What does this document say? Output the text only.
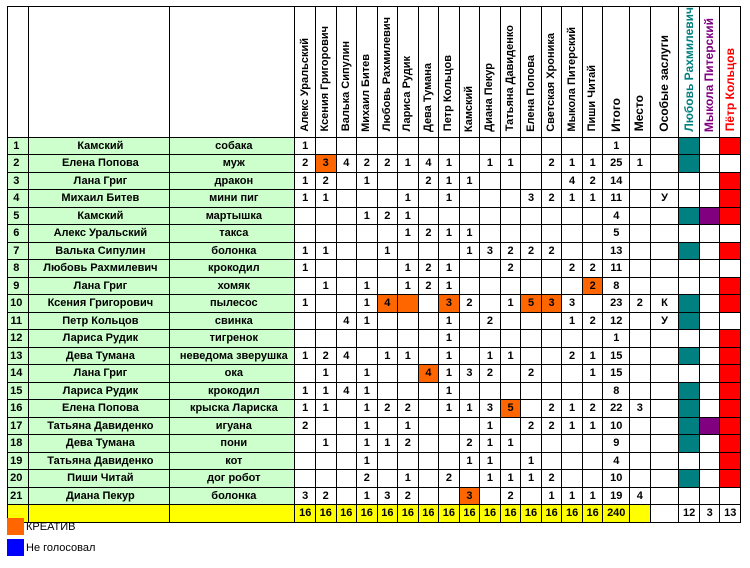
			Алекс Уральский	Ксения Григорович	Валька Сипулин	Михаил Битев	Любовь Рахмилевич	Лариса Рудик	Дева Тумана	Петр Кольцов	Камский	Диана Пекур	Татьяна Давиденко	Елена Попова	Светская Хроника	Мыкола Питерский	Пиши Читай	Итого	Место	Особые заслуги	Любовь Рахмилевич	Мыкола Питерский	Пётр Кольцов
1	Камский	собака	1															1					
2	Елена Попова	муж	2	3	4	2	2	1	4	1		1	1		2	1	1	25	1				
3	Лана Григ	дракон	1	2		1			2	1	1					4	2	14					
4	Михаил Битев	мини пиг	1	1				1		1				3	2	1	1	11		У			
5	Камский	мартышка				1	2	1										4					
6	Алекс Уральский	такса						1	2	1	1							5					
7	Валька Сипулин	болонка	1	1			1				1	3	2	2	2			13					
8	Любовь Рахмилевич	крокодил	1					1	2	1			2			2	2	11					
9	Лана Григ	хомяк		1		1		1	2	1							2	8					
10	Ксения Григорович	пылесос	1			1	4			3	2		1	5	3	3		23	2	К			
11	Петр Кольцов	свинка			4	1				1		2				1	2	12		У			
12	Лариса Рудик	тигренок								1								1					
13	Дева Тумана	неведома зверушка	1	2	4		1	1		1		1	1			2	1	15					
14	Лана Григ	ока		1		1			4	1	3	2		2			1	15					
15	Лариса Рудик	крокодил	1	1	4	1				1								8					
16	Елена Попова	крыска Лариска	1	1		1	2	2		1	1	3	5		2	1	2	22	3				
17	Татьяна Давиденко	игуана	2			1		1				1		2	2	1	1	10					
18	Дева Тумана	пони		1		1	1	2			2	1	1					9					
19	Татьяна Давиденко	кот				1					1	1		1				4					
20	Пиши Читай	дог робот				2		1		2		1	1	1	2			10					
21	Диана Пекур	болонка	3	2		1	3	2			3		2		1	1	1	19	4				
			16	16	16	16	16	16	16	16	16	16	16	16	16	16	16	240			12	3	13
КРЕАТИВ
Не голосовал
